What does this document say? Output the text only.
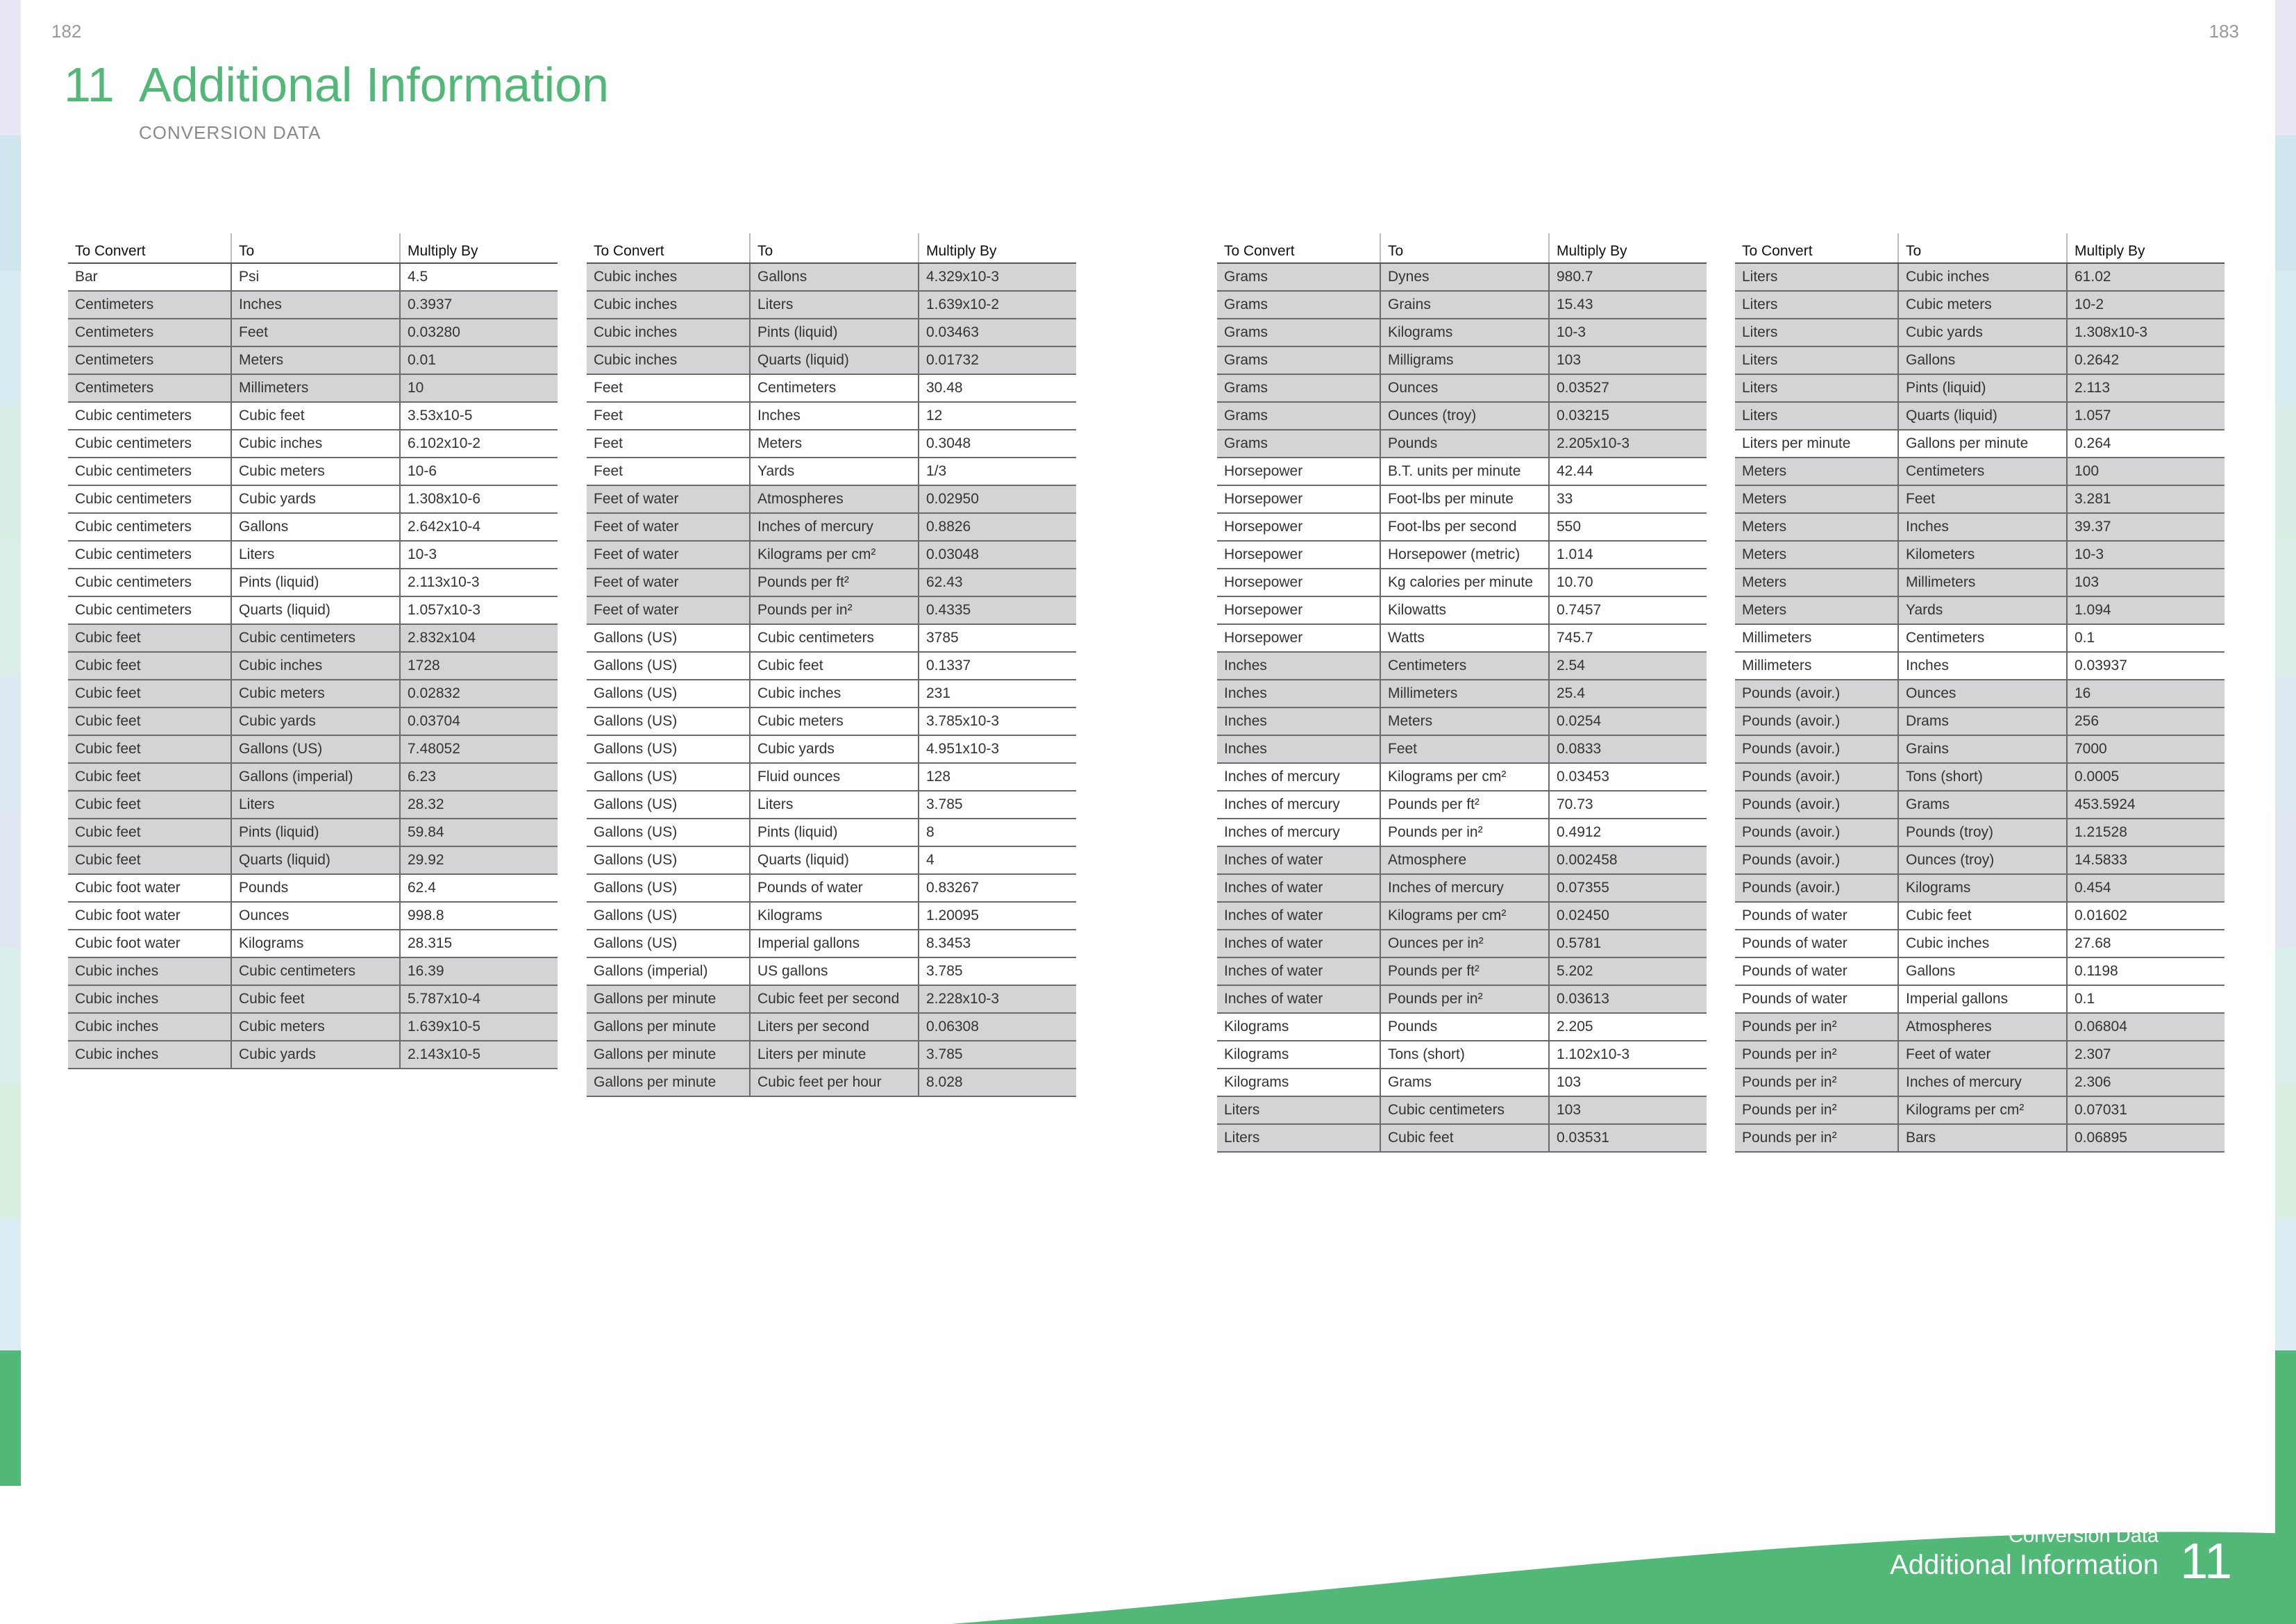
182	183
11 Additional Information
CONVERSION DATA
To Convert	To	Multiply By
Bar	Psi	4.5
Centimeters	Inches	0.3937
Centimeters	Feet	0.03280
Centimeters	Meters	0.01
Centimeters	Millimeters	10
Cubic centimeters	Cubic feet	3.53x10-5
Cubic centimeters	Cubic inches	6.102x10-2
Cubic centimeters	Cubic meters	10-6
Cubic centimeters	Cubic yards	1.308x10-6
Cubic centimeters	Gallons	2.642x10-4
Cubic centimeters	Liters	10-3
Cubic centimeters	Pints (liquid)	2.113x10-3
Cubic centimeters	Quarts (liquid)	1.057x10-3
Cubic feet	Cubic centimeters	2.832x104
Cubic feet	Cubic inches	1728
Cubic feet	Cubic meters	0.02832
Cubic feet	Cubic yards	0.03704
Cubic feet	Gallons (US)	7.48052
Cubic feet	Gallons (imperial)	6.23
Cubic feet	Liters	28.32
Cubic feet	Pints (liquid)	59.84
Cubic feet	Quarts (liquid)	29.92
Cubic foot water	Pounds	62.4
Cubic foot water	Ounces	998.8
Cubic foot water	Kilograms	28.315
Cubic inches	Cubic centimeters	16.39
Cubic inches	Cubic feet	5.787x10-4
Cubic inches	Cubic meters	1.639x10-5
Cubic inches	Cubic yards	2.143x10-5
To Convert	To	Multiply By
Cubic inches	Gallons	4.329x10-3
Cubic inches	Liters	1.639x10-2
Cubic inches	Pints (liquid)	0.03463
Cubic inches	Quarts (liquid)	0.01732
Feet	Centimeters	30.48
Feet	Inches	12
Feet	Meters	0.3048
Feet	Yards	1/3
Feet of water	Atmospheres	0.02950
Feet of water	Inches of mercury	0.8826
Feet of water	Kilograms per cm²	0.03048
Feet of water	Pounds per ft²	62.43
Feet of water	Pounds per in²	0.4335
Gallons (US)	Cubic centimeters	3785
Gallons (US)	Cubic feet	0.1337
Gallons (US)	Cubic inches	231
Gallons (US)	Cubic meters	3.785x10-3
Gallons (US)	Cubic yards	4.951x10-3
Gallons (US)	Fluid ounces	128
Gallons (US)	Liters	3.785
Gallons (US)	Pints (liquid)	8
Gallons (US)	Quarts (liquid)	4
Gallons (US)	Pounds of water	0.83267
Gallons (US)	Kilograms	1.20095
Gallons (US)	Imperial gallons	8.3453
Gallons (imperial)	US gallons	3.785
Gallons per minute	Cubic feet per second	2.228x10-3
Gallons per minute	Liters per second	0.06308
Gallons per minute	Liters per minute	3.785
Gallons per minute	Cubic feet per hour	8.028
To Convert	To	Multiply By
Grams	Dynes	980.7
Grams	Grains	15.43
Grams	Kilograms	10-3
Grams	Milligrams	103
Grams	Ounces	0.03527
Grams	Ounces (troy)	0.03215
Grams	Pounds	2.205x10-3
Horsepower	B.T. units per minute	42.44
Horsepower	Foot-lbs per minute	33
Horsepower	Foot-lbs per second	550
Horsepower	Horsepower (metric)	1.014
Horsepower	Kg calories per minute	10.70
Horsepower	Kilowatts	0.7457
Horsepower	Watts	745.7
Inches	Centimeters	2.54
Inches	Millimeters	25.4
Inches	Meters	0.0254
Inches	Feet	0.0833
Inches of mercury	Kilograms per cm²	0.03453
Inches of mercury	Pounds per ft²	70.73
Inches of mercury	Pounds per in²	0.4912
Inches of water	Atmosphere	0.002458
Inches of water	Inches of mercury	0.07355
Inches of water	Kilograms per cm²	0.02450
Inches of water	Ounces per in²	0.5781
Inches of water	Pounds per ft²	5.202
Inches of water	Pounds per in²	0.03613
Kilograms	Pounds	2.205
Kilograms	Tons (short)	1.102x10-3
Kilograms	Grams	103
Liters	Cubic centimeters	103
Liters	Cubic feet	0.03531
To Convert	To	Multiply By
Liters	Cubic inches	61.02
Liters	Cubic meters	10-2
Liters	Cubic yards	1.308x10-3
Liters	Gallons	0.2642
Liters	Pints (liquid)	2.113
Liters	Quarts (liquid)	1.057
Liters per minute	Gallons per minute	0.264
Meters	Centimeters	100
Meters	Feet	3.281
Meters	Inches	39.37
Meters	Kilometers	10-3
Meters	Millimeters	103
Meters	Yards	1.094
Millimeters	Centimeters	0.1
Millimeters	Inches	0.03937
Pounds (avoir.)	Ounces	16
Pounds (avoir.)	Drams	256
Pounds (avoir.)	Grains	7000
Pounds (avoir.)	Tons (short)	0.0005
Pounds (avoir.)	Grams	453.5924
Pounds (avoir.)	Pounds (troy)	1.21528
Pounds (avoir.)	Ounces (troy)	14.5833
Pounds (avoir.)	Kilograms	0.454
Pounds of water	Cubic feet	0.01602
Pounds of water	Cubic inches	27.68
Pounds of water	Gallons	0.1198
Pounds of water	Imperial gallons	0.1
Pounds per in²	Atmospheres	0.06804
Pounds per in²	Feet of water	2.307
Pounds per in²	Inches of mercury	2.306
Pounds per in²	Kilograms per cm²	0.07031
Pounds per in²	Bars	0.06895
Conversion Data
Additional Information 11
